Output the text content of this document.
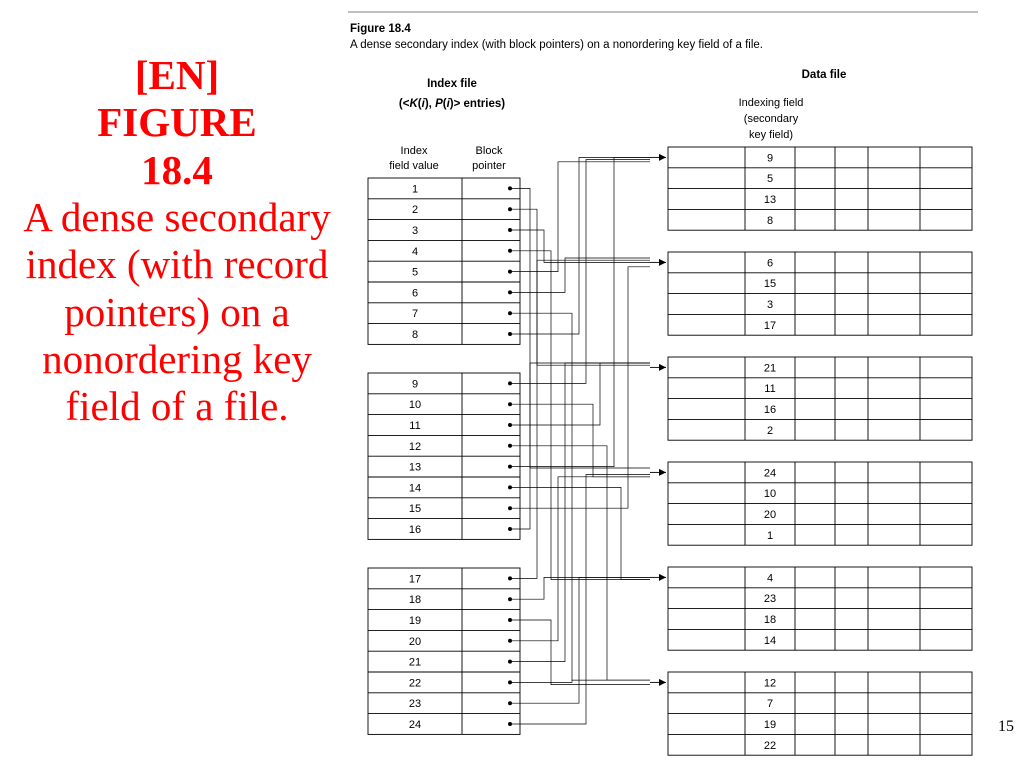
[EN]
FIGURE
18.4
A dense secondary index (with record pointers) on a nonordering key field of a file.
15
Figure 18.4
A dense secondary index (with block pointers) on a nonordering key field of a file.
Index file
(<K(i), P(i)> entries)
Index
field value
Block
pointer
Data file
Indexing field
(secondary
key field)
1
2
3
4
5
6
7
8
9
10
11
12
13
14
15
16
17
18
19
20
21
22
23
24
9
5
13
8
6
15
3
17
21
11
16
2
24
10
20
1
4
23
18
14
12
7
19
22
